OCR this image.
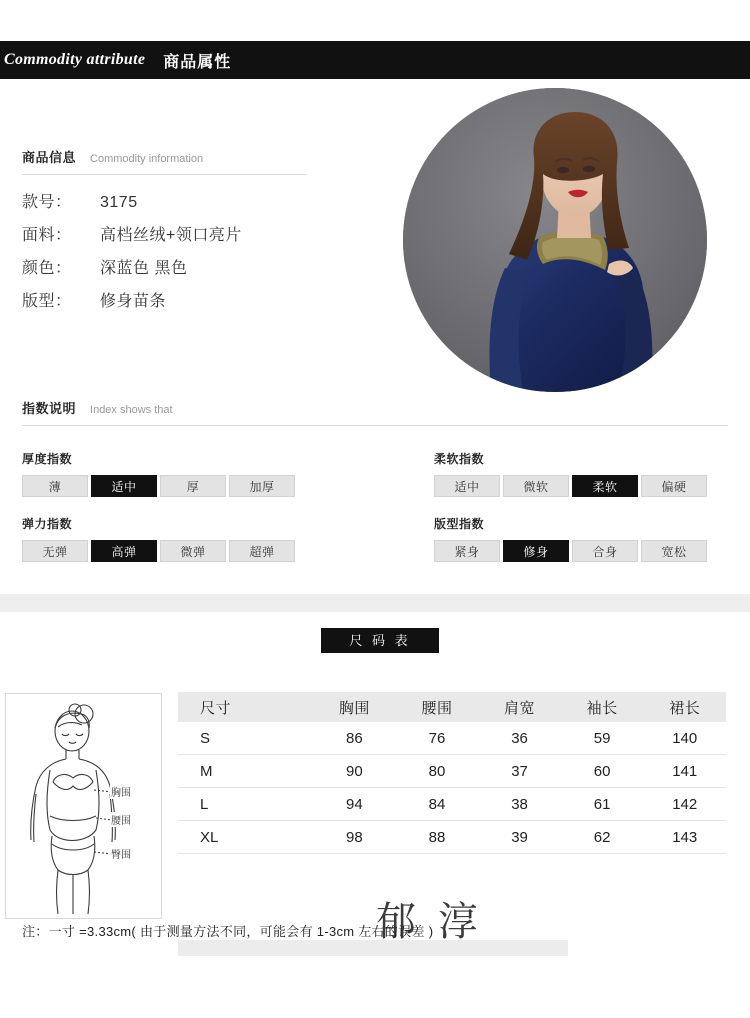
Commodity attribute 商品属性
商品信息 Commodity information
款号：	3175
面料：	高档丝绒+领口亮片
颜色：	深蓝色 黑色
版型：	修身苗条
指数说明 Index shows that
厚度指数
薄	适中	厚	加厚
弹力指数
无弹	高弹	微弹	超弹
柔软指数
适中	微软	柔软	偏硬
版型指数
紧身	修身	合身	宽松
尺 码 表
胸围
腰围
臀围
尺寸	胸围	腰围	肩宽	袖长	裙长
S	86	76	36	59	140
M	90	80	37	60	141
L	94	84	38	61	142
XL	98	88	39	62	143
郁 淳
注：一寸 =3.33cm( 由于测量方法不同，可能会有 1-3cm 左右的误差 )
